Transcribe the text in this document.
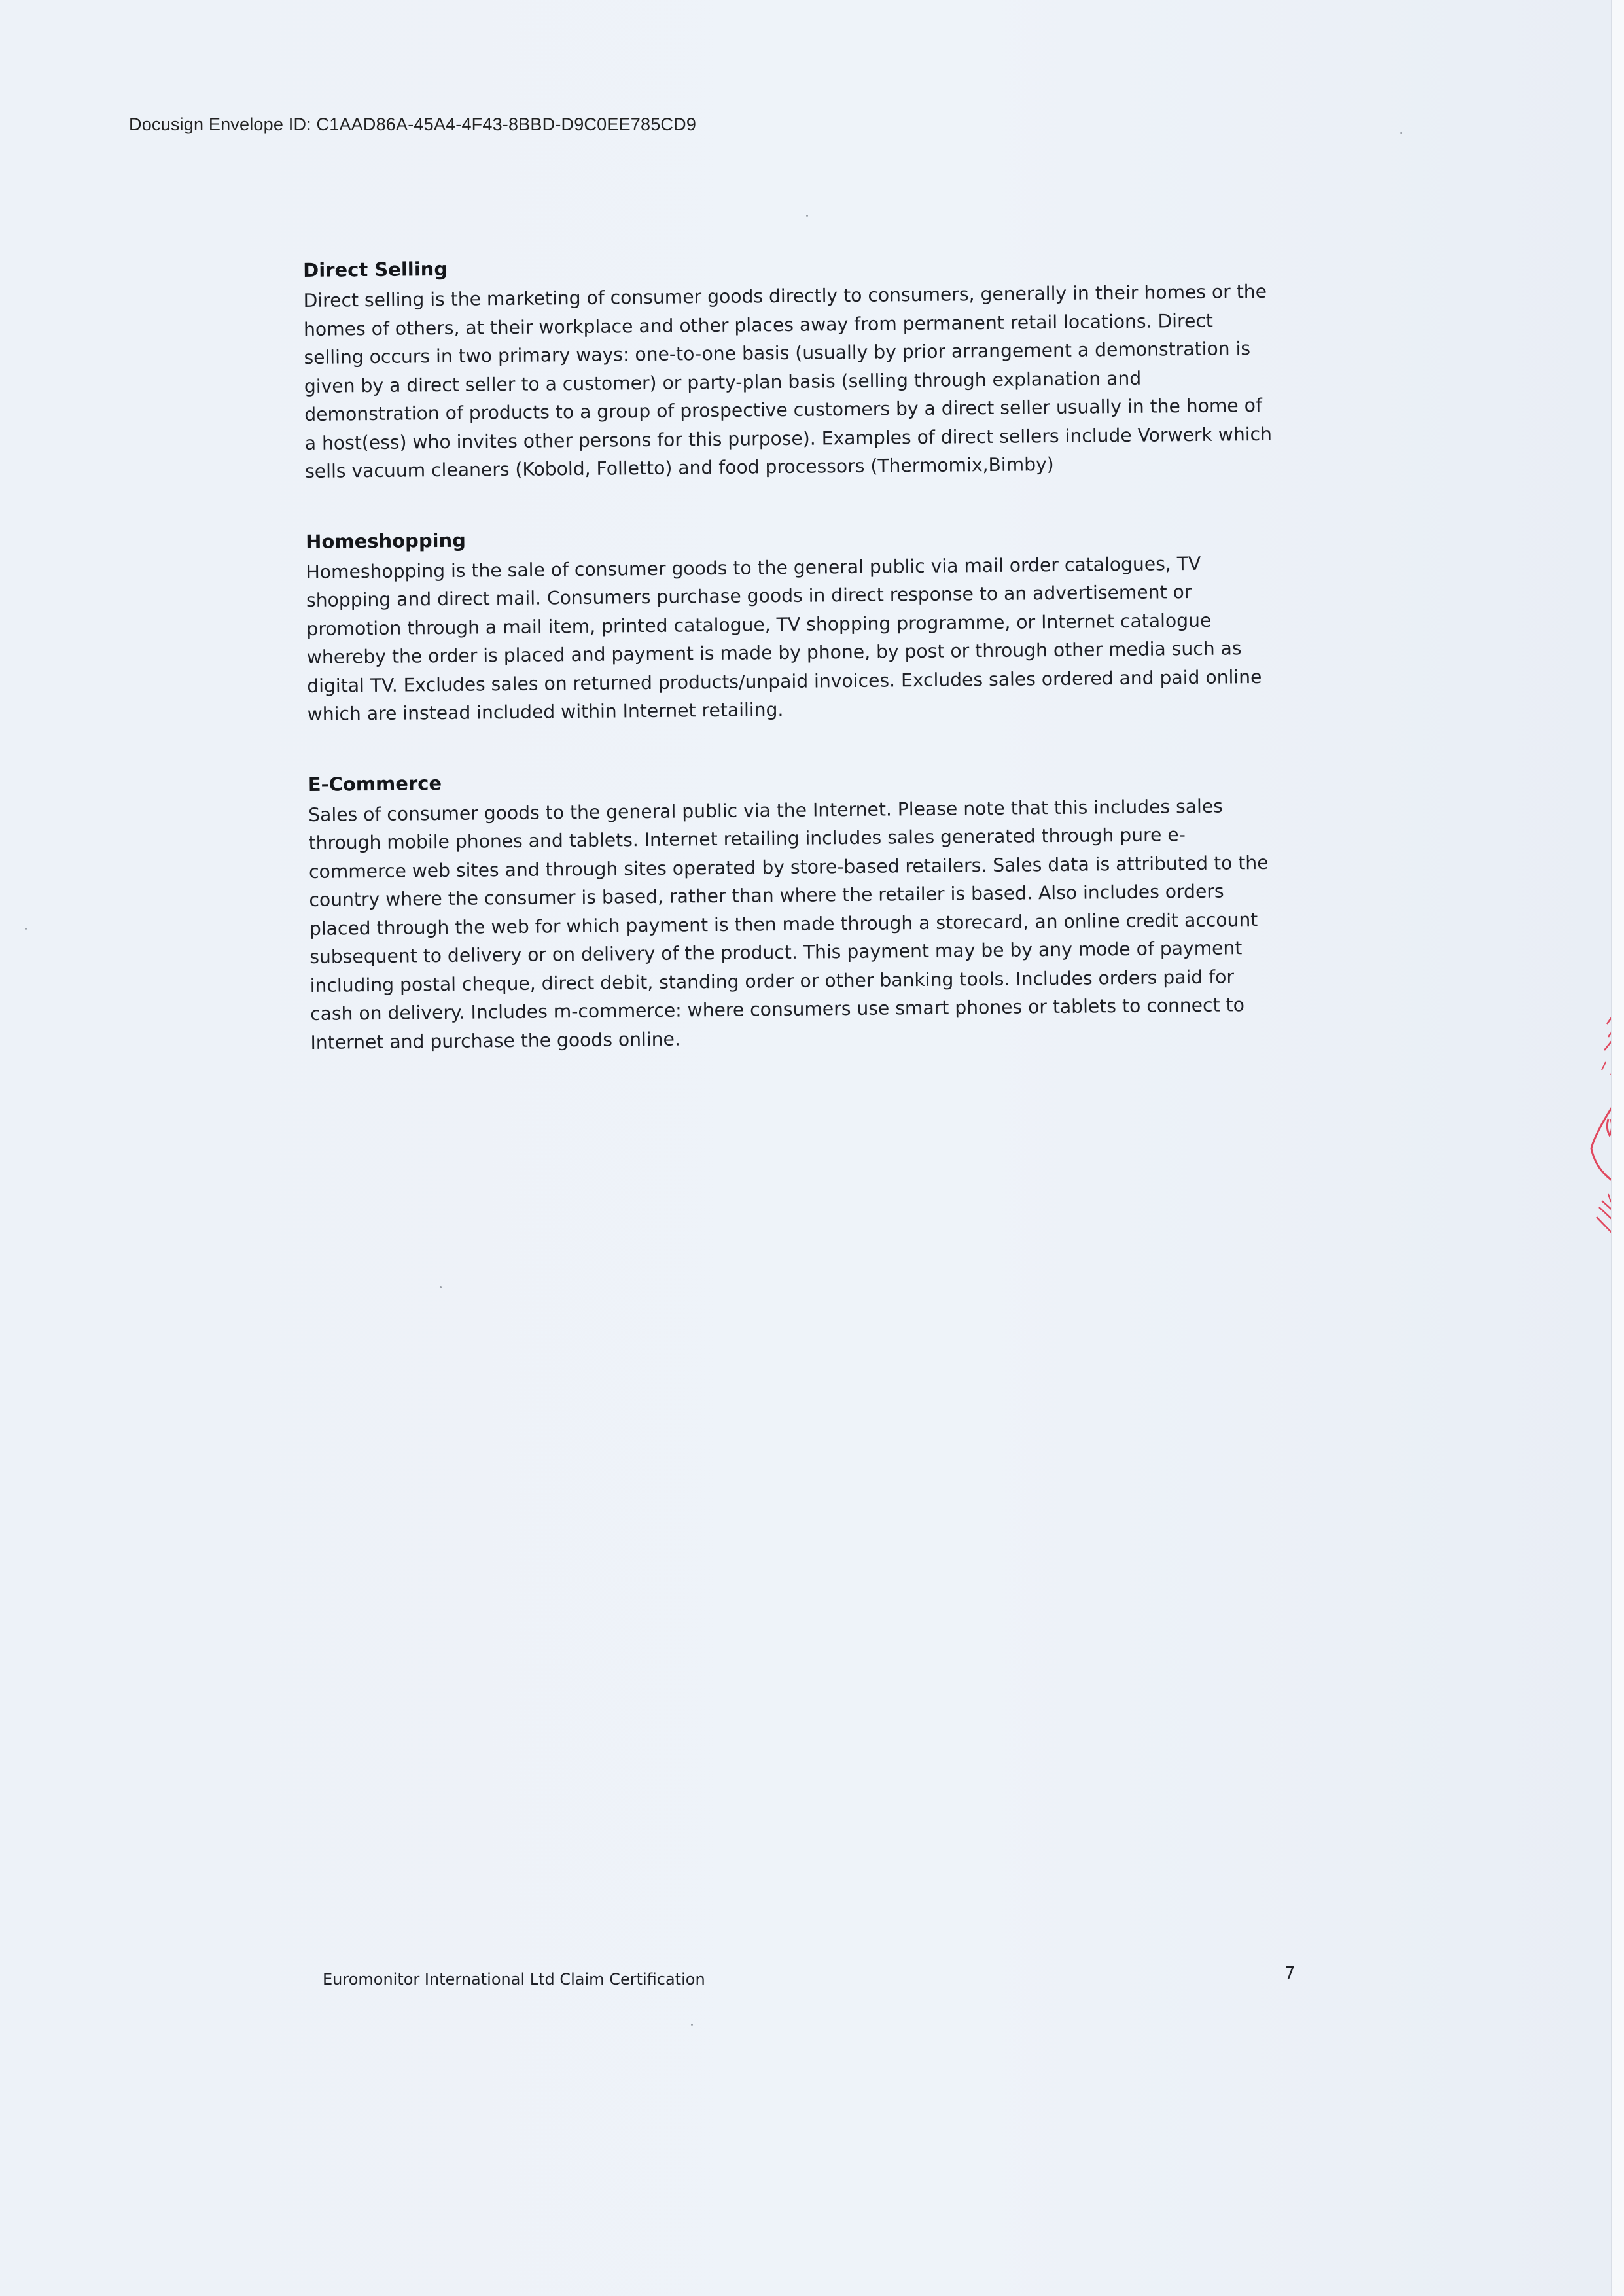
Docusign Envelope ID: C1AAD86A-45A4-4F43-8BBD-D9C0EE785CD9
Direct Selling

Direct selling is the marketing of consumer goods directly to consumers, generally in their homes or the homes of others, at their workplace and other places away from permanent retail locations. Direct selling occurs in two primary ways: one-to-one basis (usually by prior arrangement a demonstration is given by a direct seller to a customer) or party-plan basis (selling through explanation and demonstration of products to a group of prospective customers by a direct seller usually in the home of a host(ess) who invites other persons for this purpose). Examples of direct sellers include Vorwerk which sells vacuum cleaners (Kobold, Folletto) and food processors (Thermomix,Bimby)

Homeshopping

Homeshopping is the sale of consumer goods to the general public via mail order catalogues, TV shopping and direct mail. Consumers purchase goods in direct response to an advertisement or promotion through a mail item, printed catalogue, TV shopping programme, or Internet catalogue whereby the order is placed and payment is made by phone, by post or through other media such as digital TV. Excludes sales on returned products/unpaid invoices. Excludes sales ordered and paid online which are instead included within Internet retailing.

E-Commerce

Sales of consumer goods to the general public via the Internet. Please note that this includes sales through mobile phones and tablets. Internet retailing includes sales generated through pure e-commerce web sites and through sites operated by store-based retailers. Sales data is attributed to the country where the consumer is based, rather than where the retailer is based. Also includes orders placed through the web for which payment is then made through a storecard, an online credit account subsequent to delivery or on delivery of the product. This payment may be by any mode of payment including postal cheque, direct debit, standing order or other banking tools. Includes orders paid for cash on delivery. Includes m-commerce: where consumers use smart phones or tablets to connect to Internet and purchase the goods online.

Euromonitor International Ltd Claim Certification	7
